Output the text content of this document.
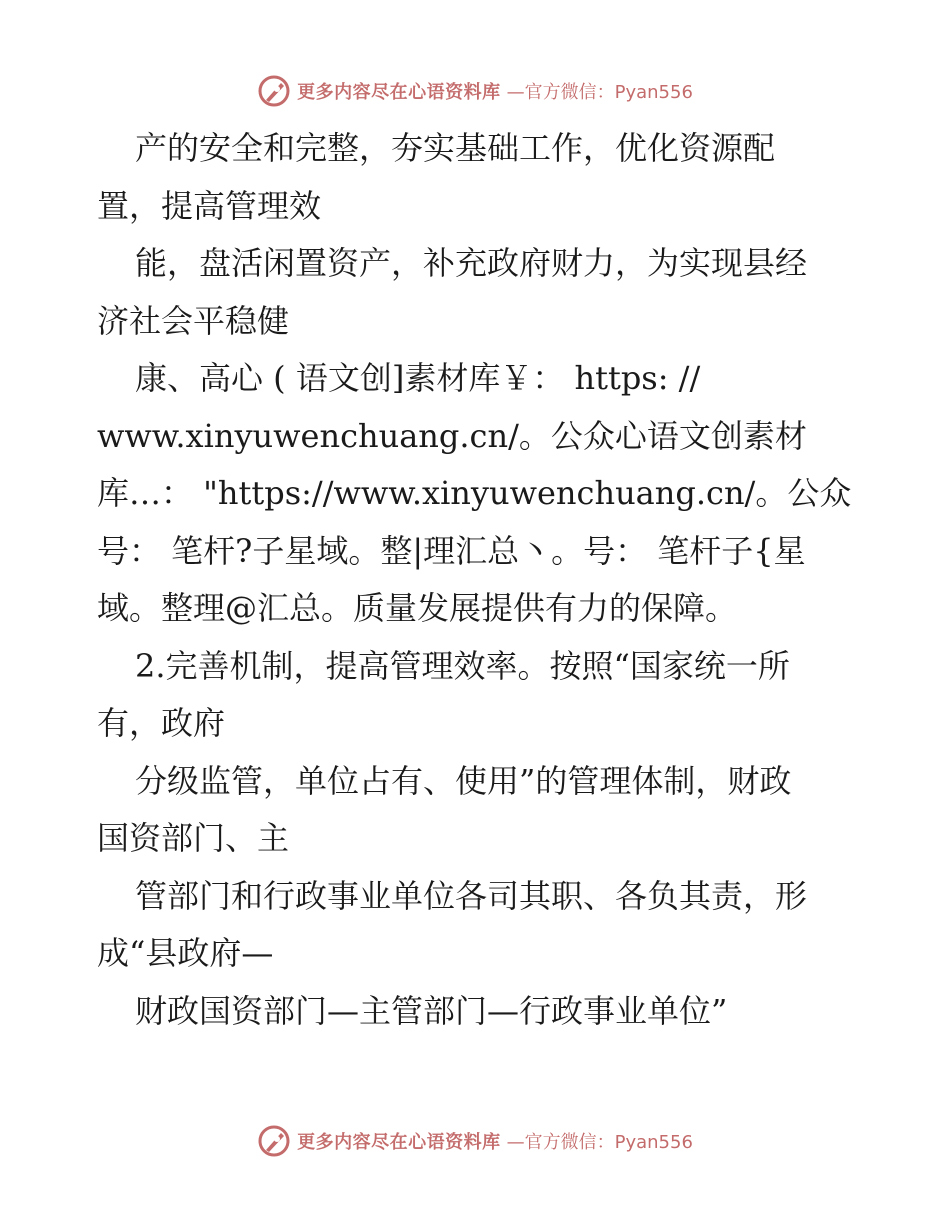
更多内容尽在心语资料库 —官方微信：Pyan556
产的安全和完整，夯实基础工作，优化资源配
置，提高管理效
能，盘活闲置资产，补充政府财力，为实现县经
济社会平稳健
康、高心 ( 语文创]素材库￥： https: //
www.xinyuwenchuang.cn/。公众心语文创素材
库…： "https://www.xinyuwenchuang.cn/。公众
号： 笔杆?子星域。整|理汇总丶。号： 笔杆子{星
域。整理@汇总。质量发展提供有力的保障。
2.完善机制，提高管理效率。按照“国家统一所
有，政府
分级监管，单位占有、使用”的管理体制，财政
国资部门、主
管部门和行政事业单位各司其职、各负其责，形
成“县政府—
财政国资部门—主管部门—行政事业单位”
更多内容尽在心语资料库 —官方微信：Pyan556
